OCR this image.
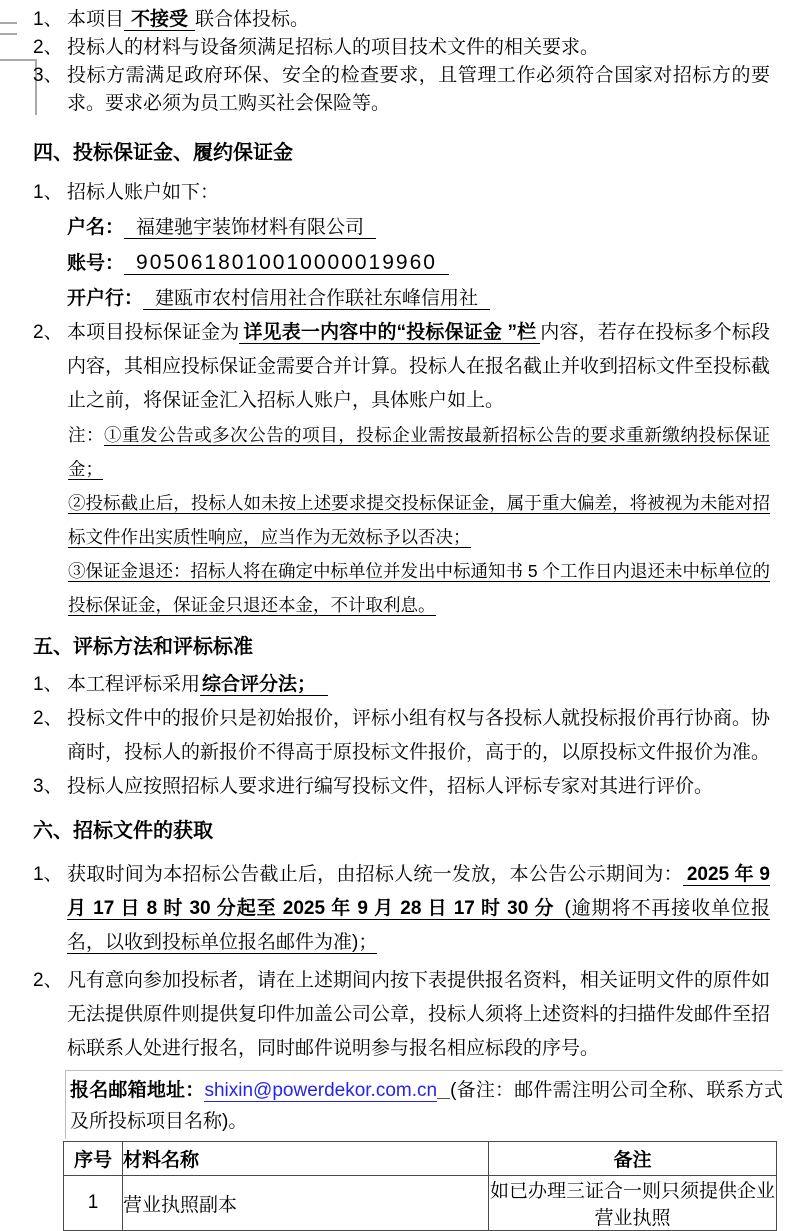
1、 本项目 不接受 联合体投标。
2、 投标人的材料与设备须满足招标人的项目技术文件的相关要求。
3、 投标方需满足政府环保、安全的检查要求，且管理工作必须符合国家对招标方的要求。要求必须为员工购买社会保险等。
四、投标保证金、履约保证金
1、 招标人账户如下：
户名： 福建驰宇装饰材料有限公司
账号： 9050618010010000019960
开户行： 建瓯市农村信用社合作联社东峰信用社
2、 本项目投标保证金为 详见表一内容中的“投标保证金 ”栏 内容，若存在投标多个标段内容，其相应投标保证金需要合并计算。投标人在报名截止并收到招标文件至投标截止之前，将保证金汇入招标人账户，具体账户如上。

注：①重发公告或多次公告的项目，投标企业需按最新招标公告的要求重新缴纳投标保证金；

②投标截止后，投标人如未按上述要求提交投标保证金，属于重大偏差，将被视为未能对招标文件作出实质性响应，应当作为无效标予以否决；

③保证金退还：招标人将在确定中标单位并发出中标通知书 5 个工作日内退还未中标单位的投标保证金，保证金只退还本金，不计取利息。

五、评标方法和评标标准
1、 本工程评标采用 综合评分法；
2、 投标文件中的报价只是初始报价，评标小组有权与各投标人就投标报价再行协商。协商时，投标人的新报价不得高于原投标文件报价，高于的，以原投标文件报价为准。
3、 投标人应按照招标人要求进行编写投标文件，招标人评标专家对其进行评价。
六、招标文件的获取
1、 获取时间为本招标公告截止后，由招标人统一发放，本公告公示期间为： 2025 年 9 月 17 日 8 时 30 分起至 2025 年 9 月 28 日 17 时 30 分 (逾期将不再接收单位报名，以收到投标单位报名邮件为准)；
2、 凡有意向参加投标者，请在上述期间内按下表提供报名资料，相关证明文件的原件如无法提供原件则提供复印件加盖公司公章，投标人须将上述资料的扫描件发邮件至招标联系人处进行报名，同时邮件说明参与报名相应标段的序号。

报名邮箱地址：shixin@powerdekor.com.cn (备注：邮件需注明公司全称、联系方式及所投标项目名称)。

序号	材料名称	备注
1	营业执照副本	如已办理三证合一则只须提供企业营业执照
